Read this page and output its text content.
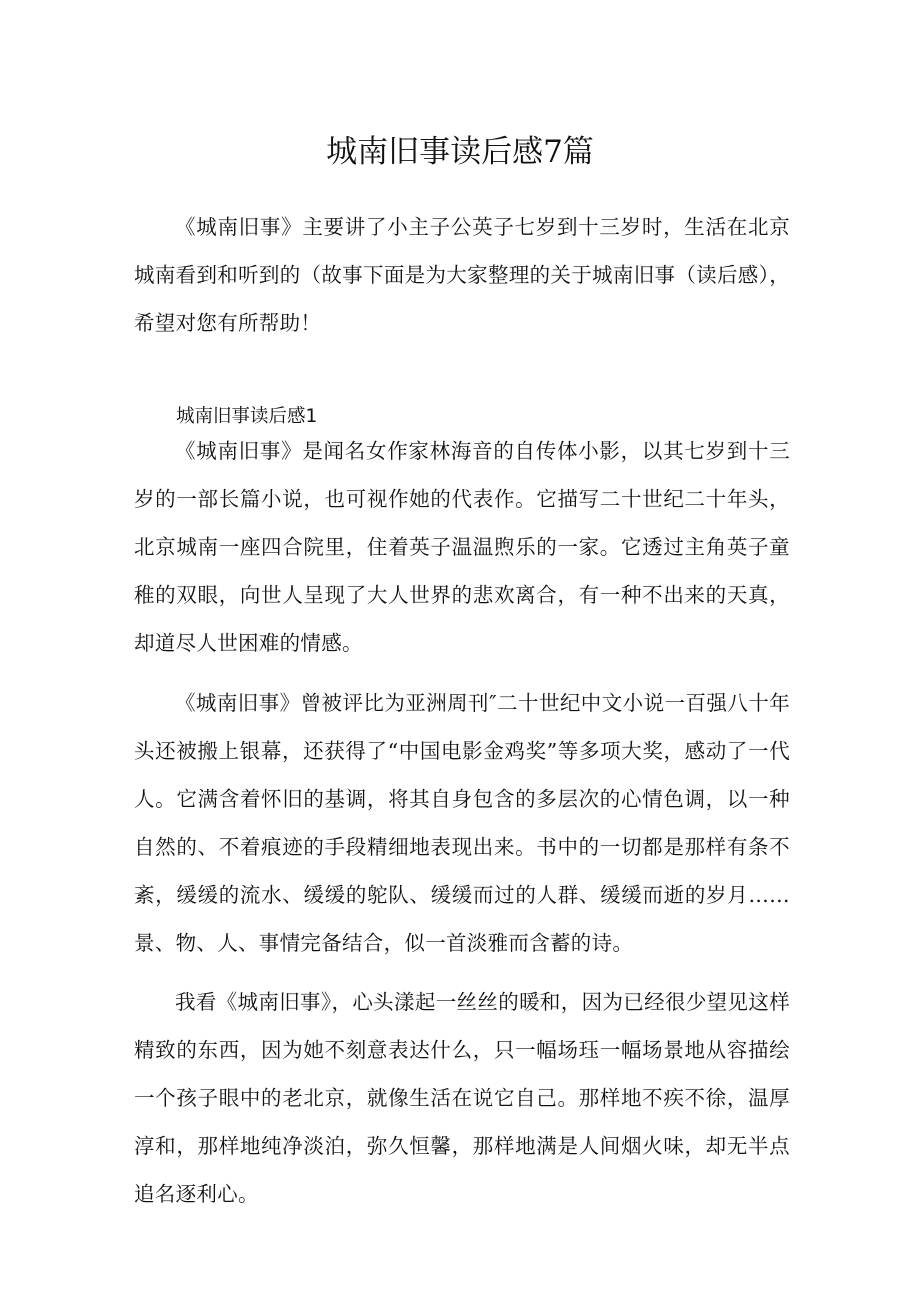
城南旧事读后感7篇

《城南旧事》主要讲了小主子公英子七岁到十三岁时，生活在北京城南看到和听到的（故事下面是为大家整理的关于城南旧事（读后感），希望对您有所帮助！

城南旧事读后感1

《城南旧事》是闻名女作家林海音的自传体小影，以其七岁到十三岁的一部长篇小说，也可视作她的代表作。它描写二十世纪二十年头，北京城南一座四合院里，住着英子温温煦乐的一家。它透过主角英子童稚的双眼，向世人呈现了大人世界的悲欢离合，有一种不出来的天真，却道尽人世困难的情感。

《城南旧事》曾被评比为亚洲周刊″二十世纪中文小说一百强八十年头还被搬上银幕，还获得了“中国电影金鸡奖”等多项大奖，感动了一代人。它满含着怀旧的基调，将其自身包含的多层次的心情色调，以一种自然的、不着痕迹的手段精细地表现出来。书中的一切都是那样有条不紊，缓缓的流水、缓缓的鸵队、缓缓而过的人群、缓缓而逝的岁月……景、物、人、事情完备结合，似一首淡雅而含蓄的诗。

我看《城南旧事》，心头漾起一丝丝的暖和，因为已经很少望见这样精致的东西，因为她不刻意表达什么，只一幅场珏一幅场景地从容描绘一个孩子眼中的老北京，就像生活在说它自己。那样地不疾不徐，温厚淳和，那样地纯净淡泊，弥久恒馨，那样地满是人间烟火味，却无半点追名逐利心。
